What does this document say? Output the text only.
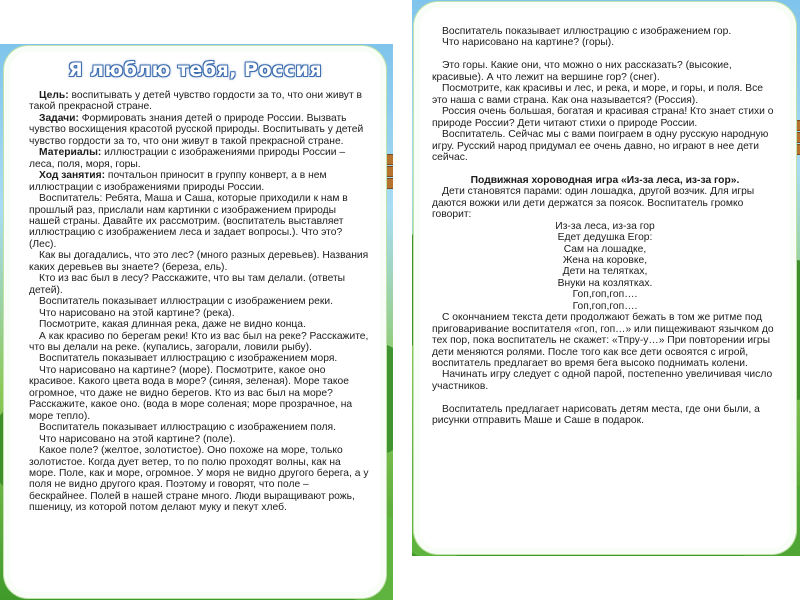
Я люблю тебя, Россия

Цель: воспитывать у детей чувство гордости за то, что они живут в такой прекрасной стране.

Задачи: Формировать знания детей о природе России. Вызвать чувство восхищения красотой русской природы. Воспитывать у детей чувство гордости за то, что они живут в такой прекрасной стране.

Материалы: иллюстрации с изображениями природы России – леса, поля, моря, горы.

Ход занятия: почтальон приносит в группу конверт, а в нем иллюстрации с изображениями природы России.

Воспитатель: Ребята, Маша и Саша, которые приходили к нам в прошлый раз, прислали нам картинки с изображением природы нашей страны. Давайте их рассмотрим. (воспитатель выставляет иллюстрацию с изображением леса и задает вопросы.). Что это? (Лес).

Как вы догадались, что это лес? (много разных деревьев). Названия каких деревьев вы знаете? (береза, ель).

Кто из вас был в лесу? Расскажите, что вы там делали. (ответы детей).

Воспитатель показывает иллюстрации с изображением реки.

Что нарисовано на этой картине? (река).

Посмотрите, какая длинная река, даже не видно конца.

А как красиво по берегам реки! Кто из вас был на реке? Расскажите, что вы делали на реке. (купались, загорали, ловили рыбу).

Воспитатель показывает иллюстрацию с изображением моря.

Что нарисовано на картине? (море). Посмотрите, какое оно красивое. Какого цвета вода в море? (синяя, зеленая). Море такое огромное, что даже не видно берегов. Кто из вас был на море? Расскажите, какое оно. (вода в море соленая; море прозрачное, на море тепло).

Воспитатель показывает иллюстрацию с изображением поля.

Что нарисовано на этой картине? (поле).

Какое поле? (желтое, золотистое). Оно похоже на море, только золотистое. Когда дует ветер, то по полю проходят волны, как на море. Поле, как и море, огромное. У моря не видно другого берега, а у поля не видно другого края. Поэтому и говорят, что поле – бескрайнее. Полей в нашей стране много. Люди выращивают рожь, пшеницу, из которой потом делают муку и пекут хлеб.

Воспитатель показывает иллюстрацию с изображением гор.

Что нарисовано на картине? (горы).

Это горы. Какие они, что можно о них рассказать? (высокие, красивые). А что лежит на вершине гор? (снег).

Посмотрите, как красивы и лес, и река, и море, и горы, и поля. Все это наша с вами страна. Как она называется? (Россия).

Россия очень большая, богатая и красивая страна! Кто знает стихи о природе России? Дети читают стихи о природе России.

Воспитатель. Сейчас мы с вами поиграем в одну русскую народную игру. Русский народ придумал ее очень давно, но играют в нее дети сейчас.

Подвижная хороводная игра «Из-за леса, из-за гор».

Дети становятся парами: один лошадка, другой возчик. Для игры даются вожжи или дети держатся за поясок. Воспитатель громко говорит:

Из-за леса, из-за гор
Едет дедушка Егор:
Сам на лошадке,
Жена на коровке,
Дети на телятках,
Внуки на козлятках.
Гоп,гоп,гоп….
Гоп,гоп,гоп….

С окончанием текста дети продолжают бежать в том же ритме под приговаривание воспитателя «гоп, гоп…» или пищеживают язычком до тех пор, пока воспитатель не скажет: «Тпру-у…» При повторении игры дети меняются ролями. После того как все дети освоятся с игрой, воспитатель предлагает во время бега высоко поднимать колени.

Начинать игру следует с одной парой, постепенно увеличивая число участников.

Воспитатель предлагает нарисовать детям места, где они были, а рисунки отправить Маше и Саше в подарок.
